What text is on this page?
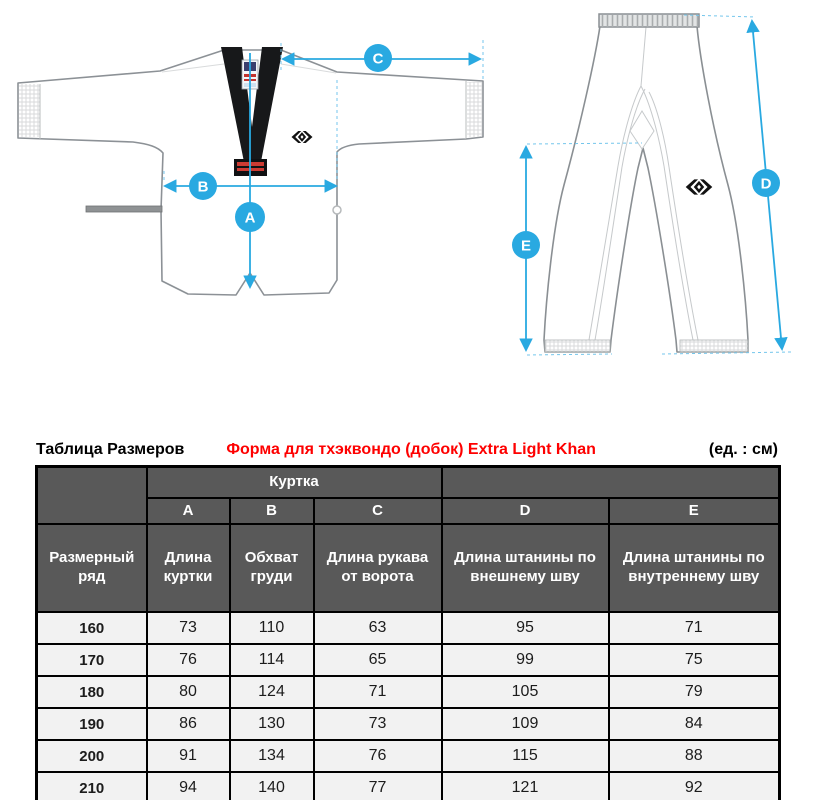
C
B
A
D
E
Таблица Размеров	Форма для тхэквондо (добок) Extra Light Khan	(ед. : см)
	Куртка				
	A	B	C	D	E
Размерный ряд	Длина куртки	Обхват груди	Длина рукава от ворота	Длина штанины по внешнему шву	Длина штанины по внутреннему шву
160	73	110	63	95	71
170	76	114	65	99	75
180	80	124	71	105	79
190	86	130	73	109	84
200	91	134	76	115	88
210	94	140	77	121	92
